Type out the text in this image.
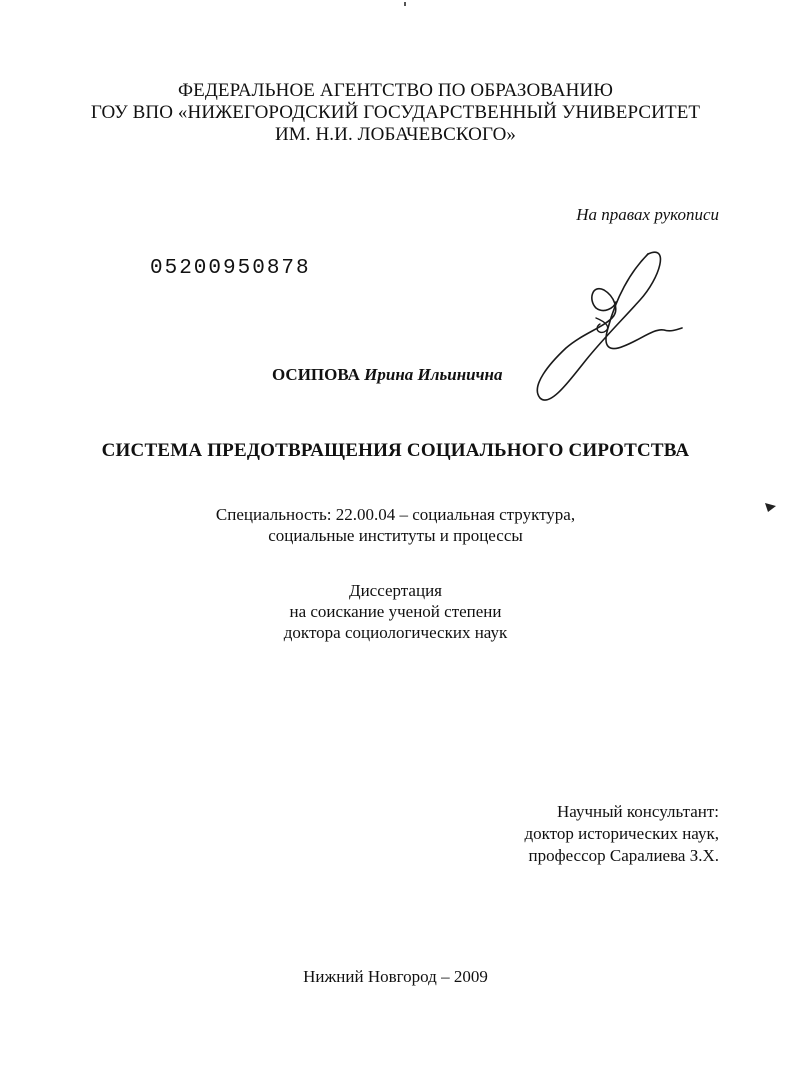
ФЕДЕРАЛЬНОЕ АГЕНТСТВО ПО ОБРАЗОВАНИЮ
ГОУ ВПО «НИЖЕГОРОДСКИЙ ГОСУДАРСТВЕННЫЙ УНИВЕРСИТЕТ
ИМ. Н.И. ЛОБАЧЕВСКОГО»
На правах рукописи
05200950878
ОСИПОВА Ирина Ильинична
СИСТЕМА ПРЕДОТВРАЩЕНИЯ СОЦИАЛЬНОГО СИРОТСТВА
Специальность: 22.00.04 – социальная структура,
социальные институты и процессы
Диссертация
на соискание ученой степени
доктора социологических наук
Научный консультант:
доктор исторических наук,
профессор Саралиева З.Х.
Нижний Новгород – 2009
